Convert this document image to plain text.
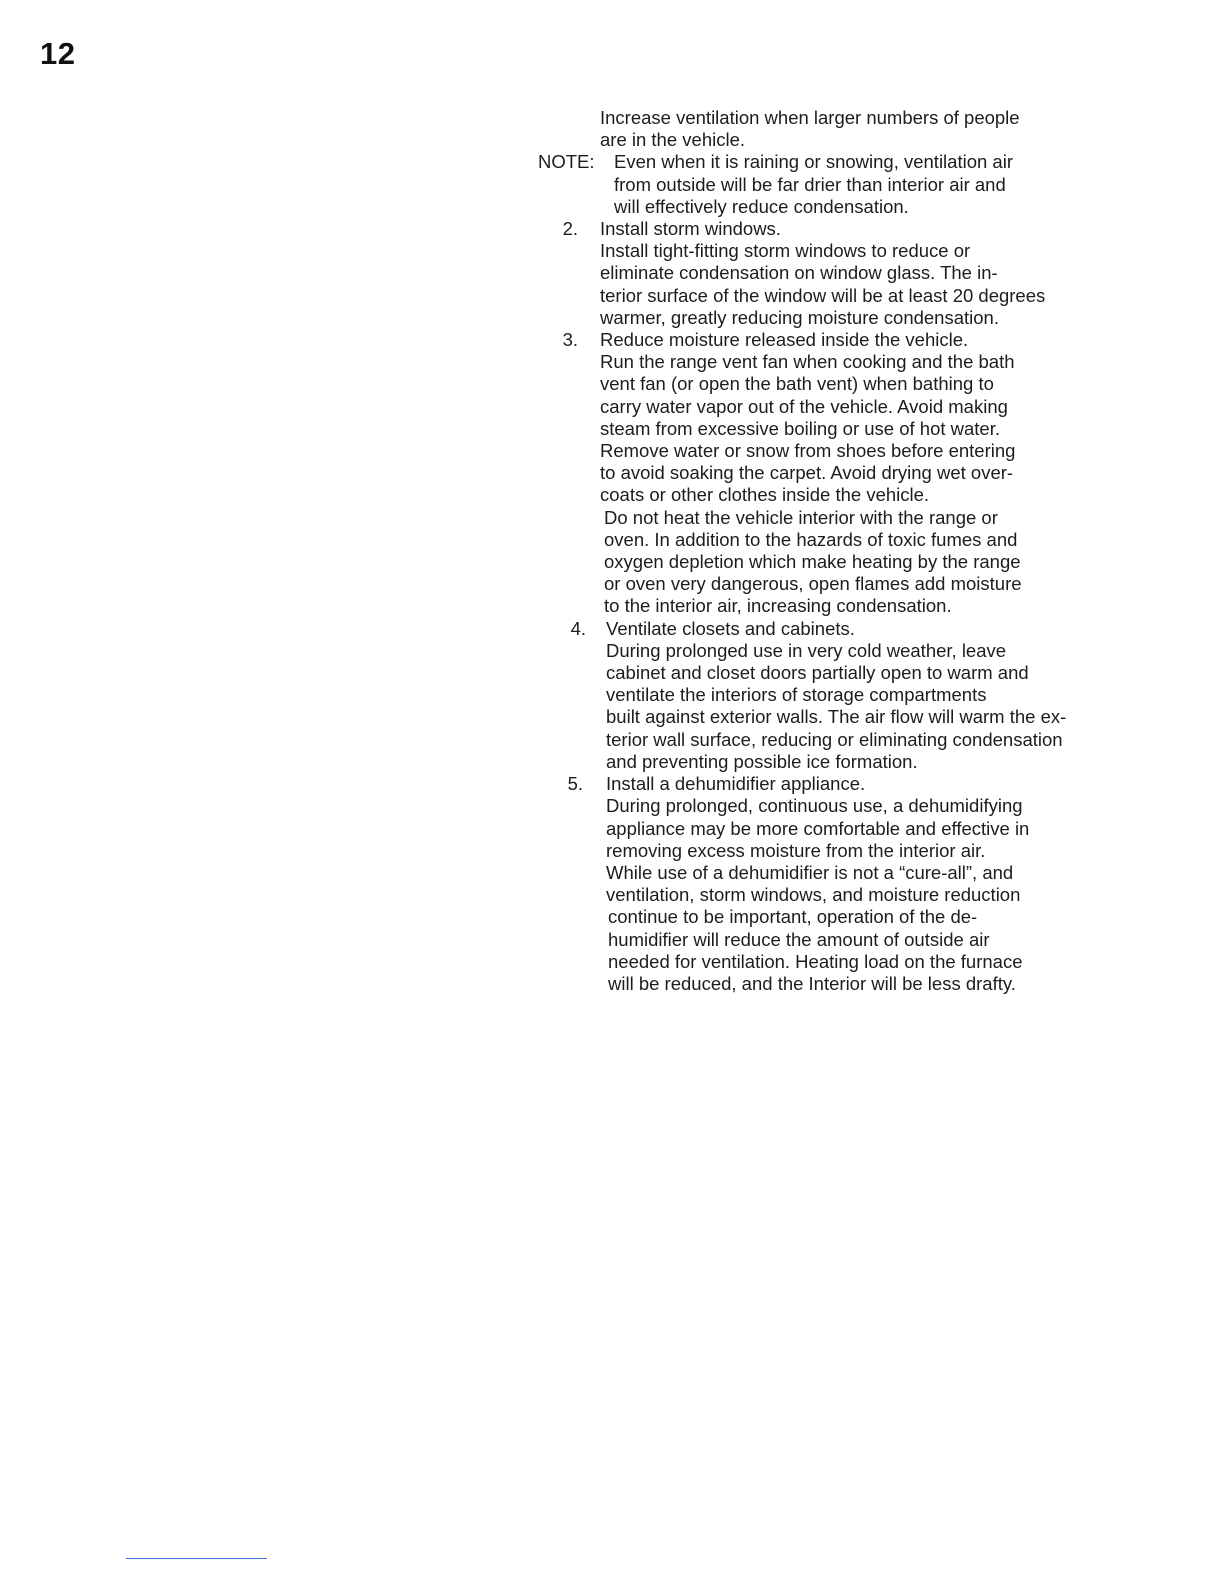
12
Increase ventilation when larger numbers of people
are in the vehicle.
NOTE:	Even when it is raining or snowing, ventilation air
from outside will be far drier than interior air and
will effectively reduce condensation.
2.	Install storm windows.
Install tight-fitting storm windows to reduce or
eliminate condensation on window glass. The in-
terior surface of the window will be at least 20 degrees
warmer, greatly reducing moisture condensation.
3.	Reduce moisture released inside the vehicle.
Run the range vent fan when cooking and the bath
vent fan (or open the bath vent) when bathing to
carry water vapor out of the vehicle. Avoid making
steam from excessive boiling or use of hot water.
Remove water or snow from shoes before entering
to avoid soaking the carpet. Avoid drying wet over-
coats or other clothes inside the vehicle.
Do not heat the vehicle interior with the range or
oven. In addition to the hazards of toxic fumes and
oxygen depletion which make heating by the range
or oven very dangerous, open flames add moisture
to the interior air, increasing condensation.
4.	Ventilate closets and cabinets.
During prolonged use in very cold weather, leave
cabinet and closet doors partially open to warm and
ventilate the interiors of storage compartments
built against exterior walls. The air flow will warm the ex-
terior wall surface, reducing or eliminating condensation
and preventing possible ice formation.
5.	Install a dehumidifier appliance.
During prolonged, continuous use, a dehumidifying
appliance may be more comfortable and effective in
removing excess moisture from the interior air.
While use of a dehumidifier is not a “cure-all”, and
ventilation, storm windows, and moisture reduction
continue to be important, operation of the de-
humidifier will reduce the amount of outside air
needed for ventilation. Heating load on the furnace
will be reduced, and the Interior will be less drafty.
